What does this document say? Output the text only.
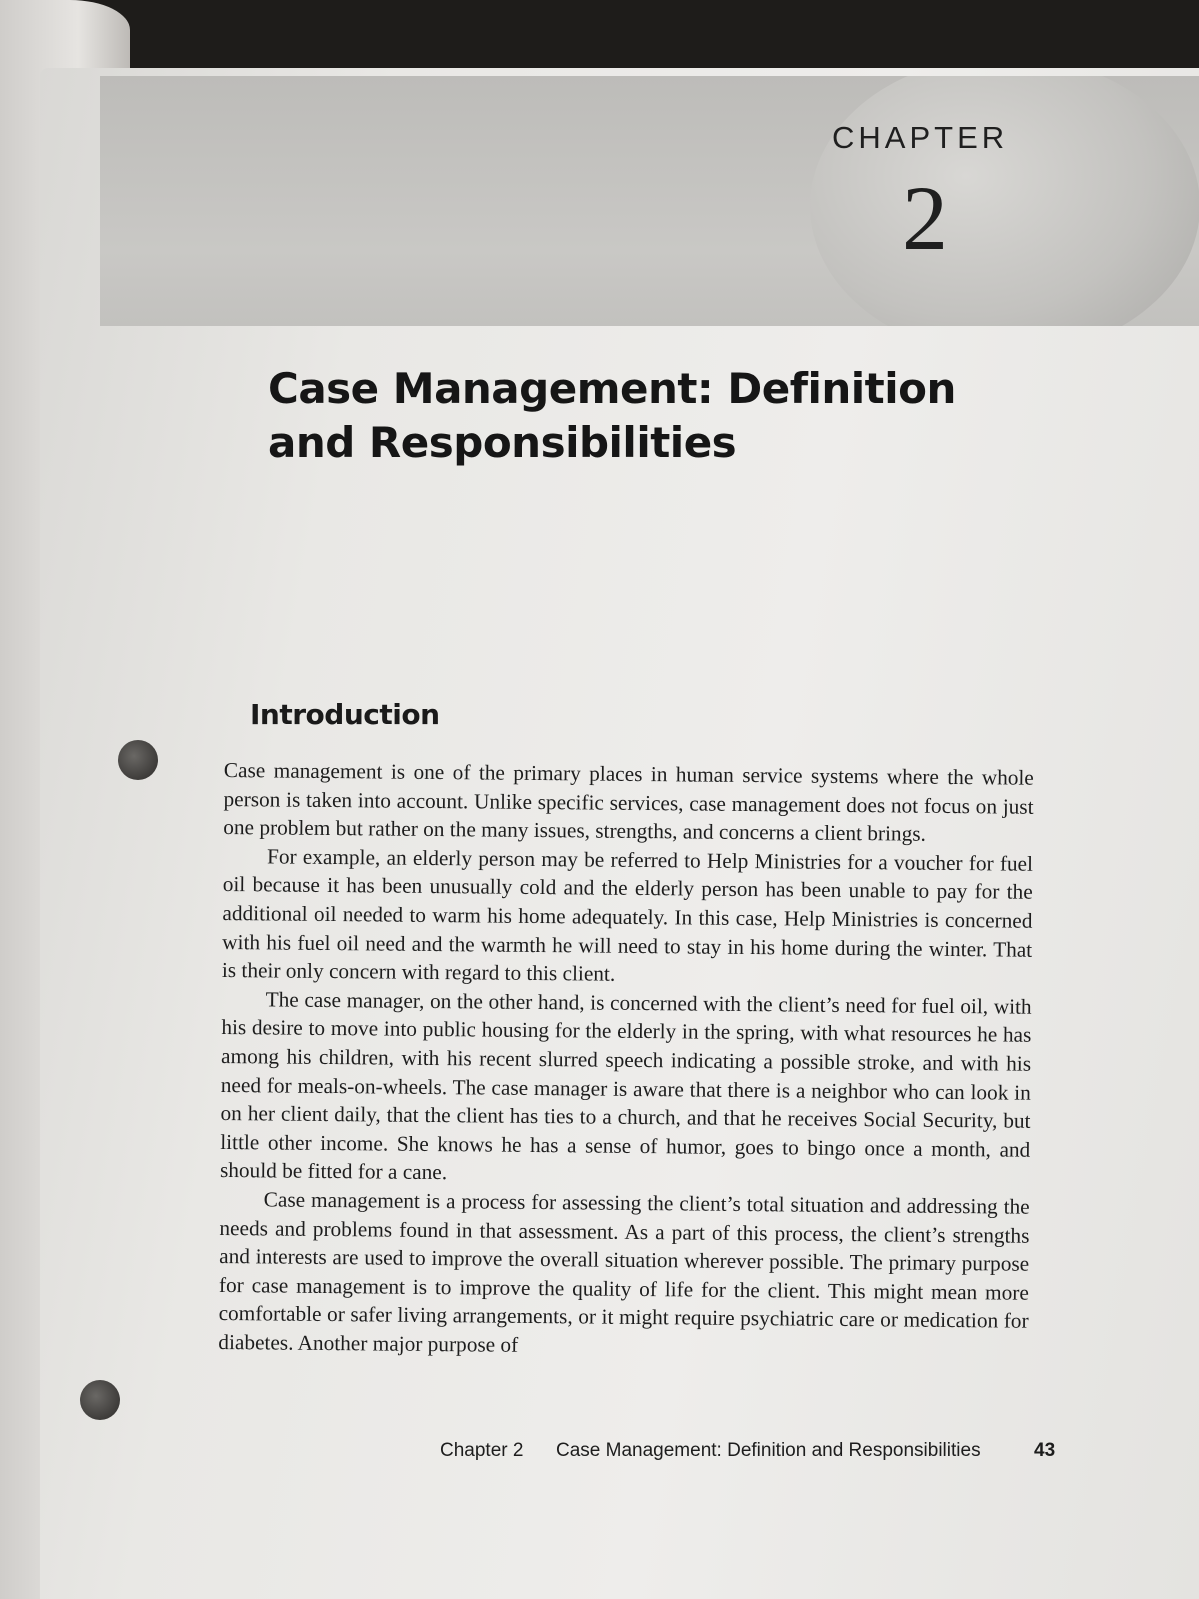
CHAPTER
2
Case Management: Definition
and Responsibilities
Introduction

Case management is one of the primary places in human service systems where the whole person is taken into account. Unlike specific services, case management does not focus on just one problem but rather on the many issues, strengths, and concerns a client brings.

For example, an elderly person may be referred to Help Ministries for a voucher for fuel oil because it has been unusually cold and the elderly person has been unable to pay for the additional oil needed to warm his home adequately. In this case, Help Ministries is concerned with his fuel oil need and the warmth he will need to stay in his home during the winter. That is their only concern with regard to this client.

The case manager, on the other hand, is concerned with the client’s need for fuel oil, with his desire to move into public housing for the elderly in the spring, with what resources he has among his children, with his recent slurred speech indicating a possible stroke, and with his need for meals-on-wheels. The case manager is aware that there is a neighbor who can look in on her client daily, that the client has ties to a church, and that he receives Social Security, but little other income. She knows he has a sense of humor, goes to bingo once a month, and should be fitted for a cane.

Case management is a process for assessing the client’s total situation and addressing the needs and problems found in that assessment. As a part of this process, the client’s strengths and interests are used to improve the overall situation wherever possible. The primary purpose for case management is to improve the quality of life for the client. This might mean more comfortable or safer living arrangements, or it might require psychiatric care or medication for diabetes. Another major purpose of

Chapter 2 Case Management: Definition and Responsibilities	43
